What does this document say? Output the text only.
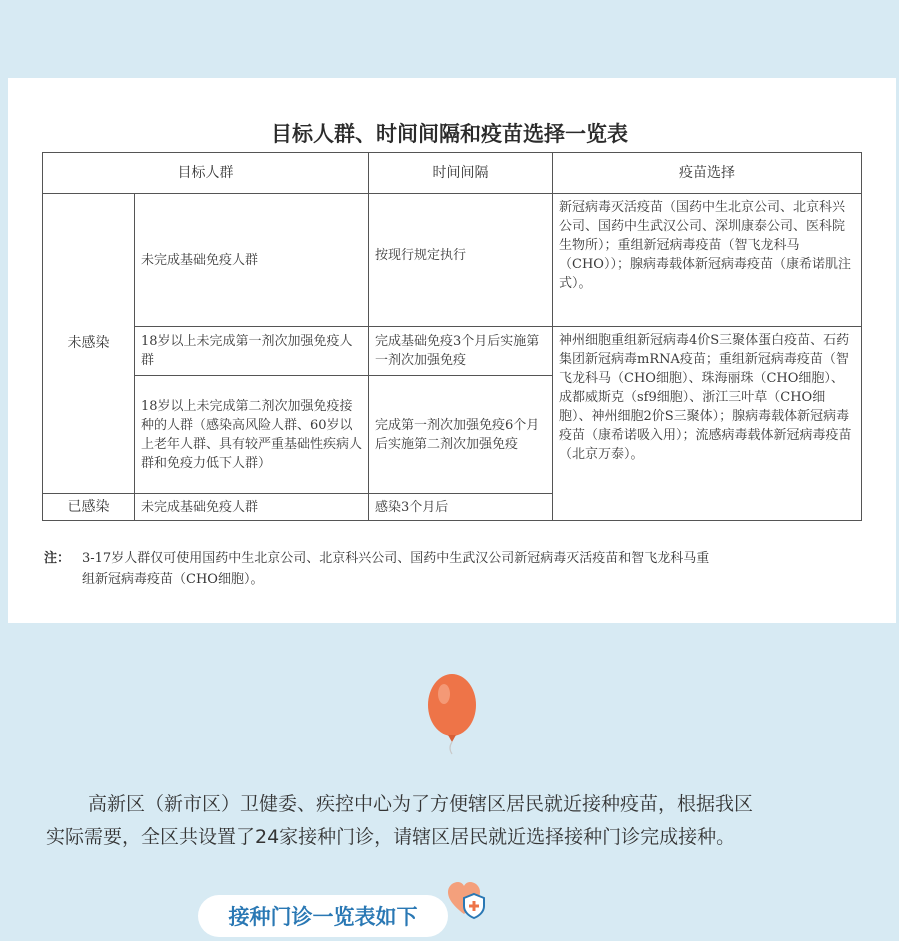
目标人群、时间间隔和疫苗选择一览表
目标人群	时间间隔	疫苗选择
未感染
已感染
未完成基础免疫人群
18岁以上未完成第一剂次加强免疫人群
18岁以上未完成第二剂次加强免疫接种的人群（感染高风险人群、60岁以上老年人群、具有较严重基础性疾病人群和免疫力低下人群）
未完成基础免疫人群
按现行规定执行
完成基础免疫3个月后实施第一剂次加强免疫
完成第一剂次加强免疫6个月后实施第二剂次加强免疫
感染3个月后
新冠病毒灭活疫苗（国药中生北京公司、北京科兴公司、国药中生武汉公司、深圳康泰公司、医科院生物所）；重组新冠病毒疫苗（智飞龙科马（CHO））；腺病毒载体新冠病毒疫苗（康希诺肌注式）。
神州细胞重组新冠病毒4价S三聚体蛋白疫苗、石药集团新冠病毒mRNA疫苗；重组新冠病毒疫苗（智飞龙科马（CHO细胞）、珠海丽珠（CHO细胞）、成都威斯克（sf9细胞）、浙江三叶草（CHO细胞）、神州细胞2价S三聚体）；腺病毒载体新冠病毒疫苗（康希诺吸入用）；流感病毒载体新冠病毒疫苗（北京万泰）。
注： 3-17岁人群仅可使用国药中生北京公司、北京科兴公司、国药中生武汉公司新冠病毒灭活疫苗和智飞龙科马重
组新冠病毒疫苗（CHO细胞）。
高新区（新市区）卫健委、疾控中心为了方便辖区居民就近接种疫苗，根据我区
实际需要，全区共设置了24家接种门诊，请辖区居民就近选择接种门诊完成接种。
接种门诊一览表如下
